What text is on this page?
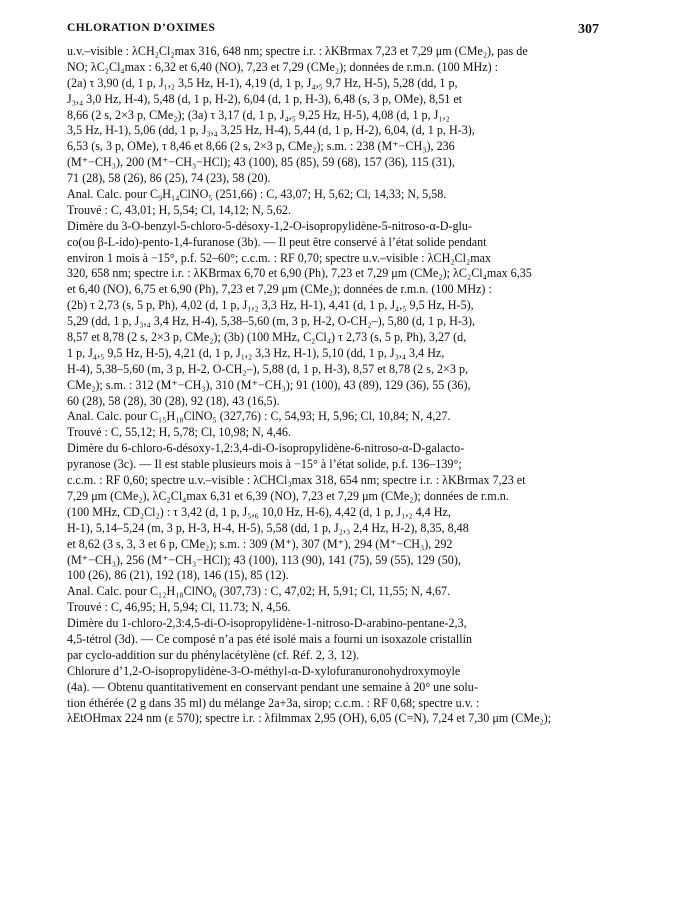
CHLORATION D’OXIMES	307
u.v.–visible : λCH₂Cl₂max 316, 648 nm; spectre i.r. : λKBrmax 7,23 et 7,29 μm (CMe₂), pas de
NO; λC₂Cl₄max : 6,32 et 6,40 (NO), 7,23 et 7,29 (CMe₂); données de r.m.n. (100 MHz) :
(2a) τ 3,90 (d, 1 p, J₁,₂ 3,5 Hz, H-1), 4,19 (d, 1 p, J₄,₅ 9,7 Hz, H-5), 5,28 (dd, 1 p,
J₃,₄ 3,0 Hz, H-4), 5,48 (d, 1 p, H-2), 6,04 (d, 1 p, H-3), 6,48 (s, 3 p, OMe), 8,51 et
8,66 (2 s, 2×3 p, CMe₂); (3a) τ 3,17 (d, 1 p, J₄,₅ 9,25 Hz, H-5), 4,08 (d, 1 p, J₁,₂
3,5 Hz, H-1), 5,06 (dd, 1 p, J₃,₄ 3,25 Hz, H-4), 5,44 (d, 1 p, H-2), 6,04, (d, 1 p, H-3),
6,53 (s, 3 p, OMe), τ 8,46 et 8,66 (2 s, 2×3 p, CMe₂); s.m. : 238 (M⁺−CH₃), 236
(M⁺−CH₃), 200 (M⁺−CH₃−HCl); 43 (100), 85 (85), 59 (68), 157 (36), 115 (31),
71 (28), 58 (26), 86 (25), 74 (23), 58 (20).
Anal. Calc. pour C₉H₁₄ClNO₅ (251,66) : C, 43,07; H, 5,62; Cl, 14,33; N, 5,58.
Trouvé : C, 43,01; H, 5,54; Cl, 14,12; N, 5,62.
Dimère du 3-O-benzyl-5-chloro-5-désoxy-1,2-O-isopropylidène-5-nitroso-α-D-glu-
co(ou β-L-ido)-pento-1,4-furanose (3b). — Il peut être conservé à l’état solide pendant
environ 1 mois à −15°, p.f. 52–60°; c.c.m. : RF 0,70; spectre u.v.–visible : λCH₂Cl₂max
320, 658 nm; spectre i.r. : λKBrmax 6,70 et 6,90 (Ph), 7,23 et 7,29 μm (CMe₂); λC₂Cl₄max 6,35
et 6,40 (NO), 6,75 et 6,90 (Ph), 7,23 et 7,29 μm (CMe₂); données de r.m.n. (100 MHz) :
(2b) τ 2,73 (s, 5 p, Ph), 4,02 (d, 1 p, J₁,₂ 3,3 Hz, H-1), 4,41 (d, 1 p, J₄,₅ 9,5 Hz, H-5),
5,29 (dd, 1 p, J₃,₄ 3,4 Hz, H-4), 5,38–5,60 (m, 3 p, H-2, O-CH₂–), 5,80 (d, 1 p, H-3),
8,57 et 8,78 (2 s, 2×3 p, CMe₂); (3b) (100 MHz, C₂Cl₄) τ 2,73 (s, 5 p, Ph), 3,27 (d,
1 p, J₄,₅ 9,5 Hz, H-5), 4,21 (d, 1 p, J₁,₂ 3,3 Hz, H-1), 5,10 (dd, 1 p, J₃,₄ 3,4 Hz,
H-4), 5,38–5,60 (m, 3 p, H-2, O-CH₂–), 5,88 (d, 1 p, H-3), 8,57 et 8,78 (2 s, 2×3 p,
CMe₂); s.m. : 312 (M⁺−CH₃), 310 (M⁺−CH₃); 91 (100), 43 (89), 129 (36), 55 (36),
60 (28), 58 (28), 30 (28), 92 (18), 43 (16,5).
Anal. Calc. pour C₁₅H₁₈ClNO₅ (327,76) : C, 54,93; H, 5,96; Cl, 10,84; N, 4,27.
Trouvé : C, 55,12; H, 5,78; Cl, 10,98; N, 4,46.
Dimère du 6-chloro-6-désoxy-1,2:3,4-di-O-isopropylidène-6-nitroso-α-D-galacto-
pyranose (3c). — Il est stable plusieurs mois à −15° à l’état solide, p.f. 136–139°;
c.c.m. : RF 0,60; spectre u.v.–visible : λCHCl₃max 318, 654 nm; spectre i.r. : λKBrmax 7,23 et
7,29 μm (CMe₂), λC₂Cl₄max 6,31 et 6,39 (NO), 7,23 et 7,29 μm (CMe₂); données de r.m.n.
(100 MHz, CD₂Cl₂) : τ 3,42 (d, 1 p, J₅,₆ 10,0 Hz, H-6), 4,42 (d, 1 p, J₁,₂ 4,4 Hz,
H-1), 5,14–5,24 (m, 3 p, H-3, H-4, H-5), 5,58 (dd, 1 p, J₂,₃ 2,4 Hz, H-2), 8,35, 8,48
et 8,62 (3 s, 3, 3 et 6 p, CMe₂); s.m. : 309 (M⁺), 307 (M⁺), 294 (M⁺−CH₃), 292
(M⁺−CH₃), 256 (M⁺−CH₃−HCl); 43 (100), 113 (90), 141 (75), 59 (55), 129 (50),
100 (26), 86 (21), 192 (18), 146 (15), 85 (12).
Anal. Calc. pour C₁₂H₁₈ClNO₆ (307,73) : C, 47,02; H, 5,91; Cl, 11,55; N, 4,67.
Trouvé : C, 46,95; H, 5,94; Cl, 11.73; N, 4,56.
Dimère du 1-chloro-2,3:4,5-di-O-isopropylidène-1-nitroso-D-arabino-pentane-2,3,
4,5-tétrol (3d). — Ce composé n’a pas été isolé mais a fourni un isoxazole cristallin
par cyclo-addition sur du phénylacétylène (cf. Réf. 2, 3, 12).
Chlorure d’1,2-O-isopropylidène-3-O-méthyl-α-D-xylofuranuronohydroxymoyle
(4a). — Obtenu quantitativement en conservant pendant une semaine à 20° une solu-
tion éthérée (2 g dans 35 ml) du mélange 2a+3a, sirop; c.c.m. : RF 0,68; spectre u.v. :
λEtOHmax 224 nm (ε 570); spectre i.r. : λfilmmax 2,95 (OH), 6,05 (C=N), 7,24 et 7,30 μm (CMe₂);
